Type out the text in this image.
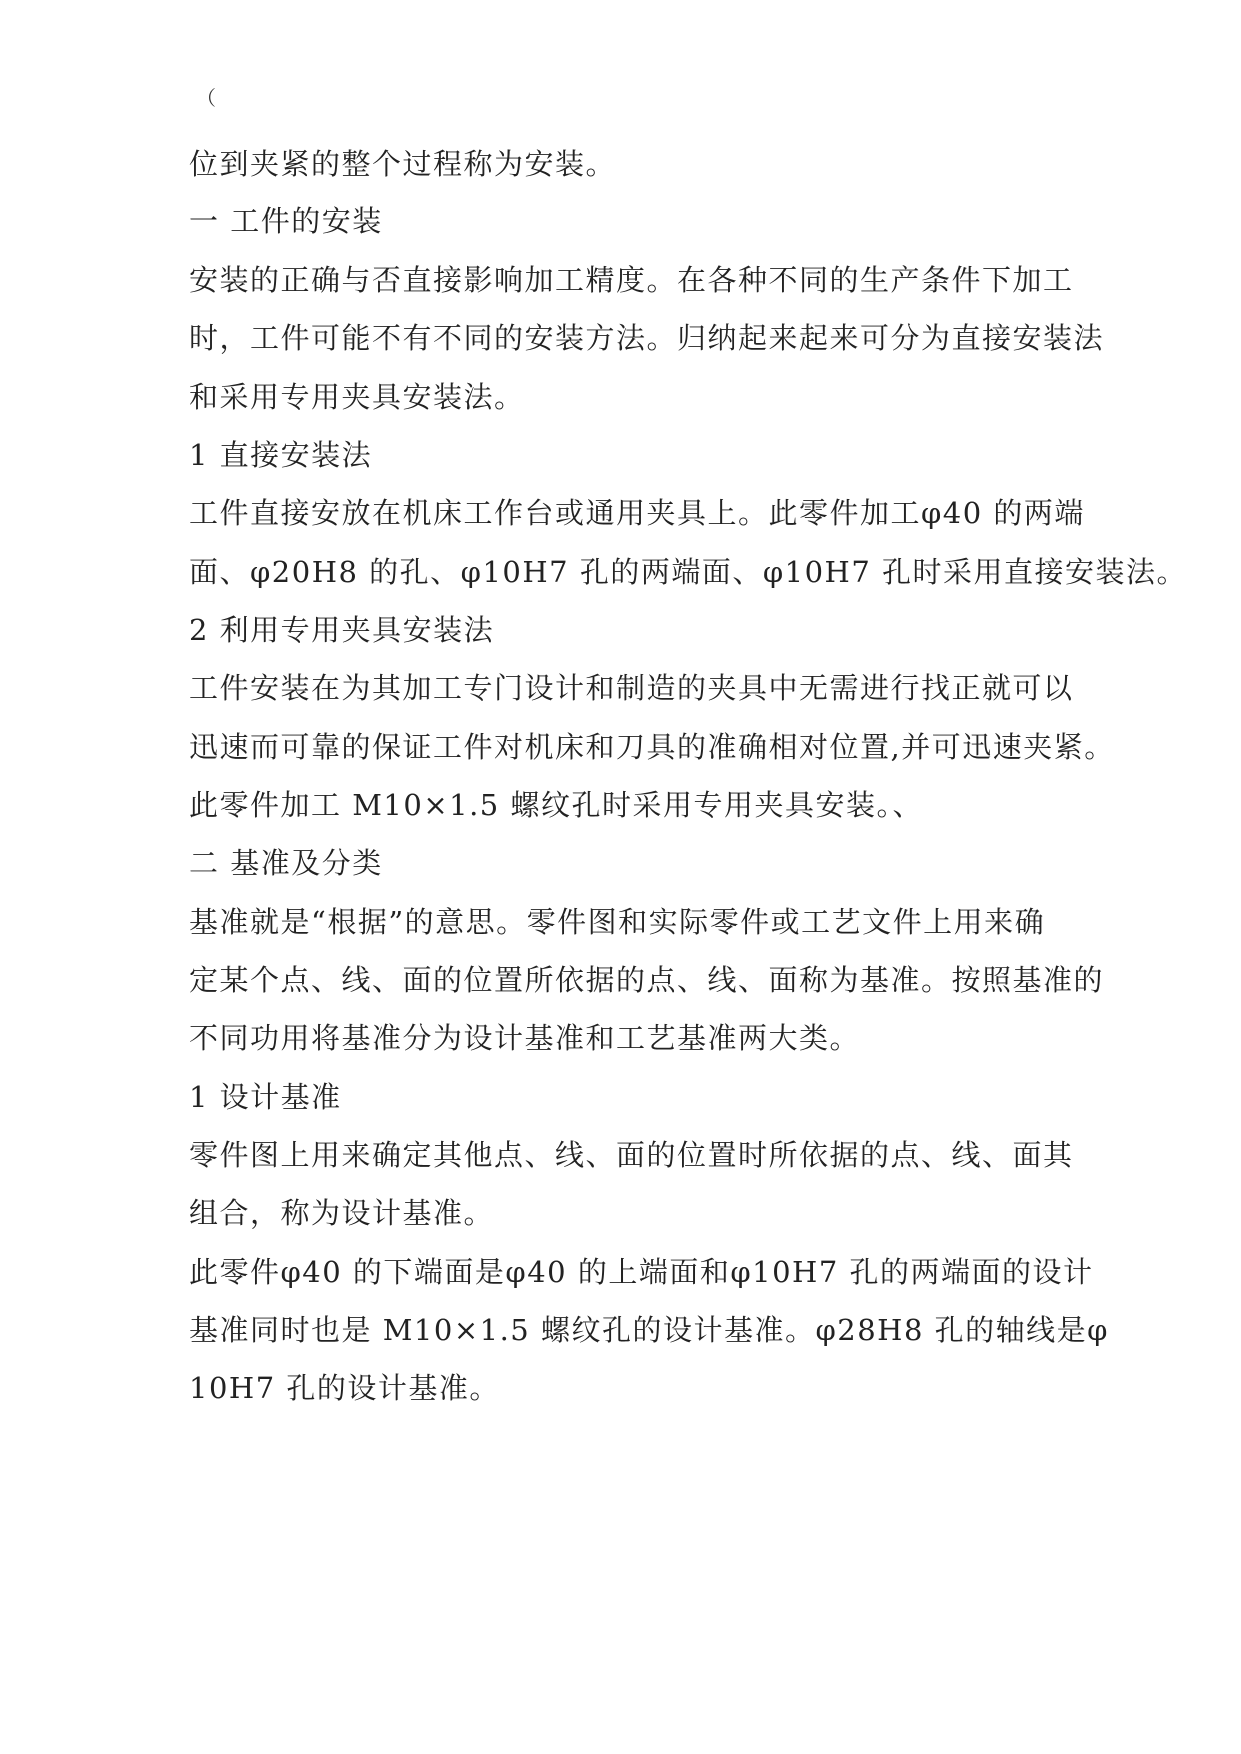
（
位到夹紧的整个过程称为安装。
一 工件的安装
安装的正确与否直接影响加工精度。在各种不同的生产条件下加工
时，工件可能不有不同的安装方法。归纳起来起来可分为直接安装法
和采用专用夹具安装法。
1 直接安装法
工件直接安放在机床工作台或通用夹具上。此零件加工φ40 的两端
面、φ20H8 的孔、φ10H7 孔的两端面、φ10H7 孔时采用直接安装法。
2 利用专用夹具安装法
工件安装在为其加工专门设计和制造的夹具中无需进行找正就可以
迅速而可靠的保证工件对机床和刀具的准确相对位置,并可迅速夹紧。
此零件加工 M10×1.5 螺纹孔时采用专用夹具安装。、
二 基准及分类
基准就是“根据”的意思。零件图和实际零件或工艺文件上用来确
定某个点、线、面的位置所依据的点、线、面称为基准。按照基准的
不同功用将基准分为设计基准和工艺基准两大类。
1 设计基准
零件图上用来确定其他点、线、面的位置时所依据的点、线、面其
组合，称为设计基准。
此零件φ40 的下端面是φ40 的上端面和φ10H7 孔的两端面的设计
基准同时也是 M10×1.5 螺纹孔的设计基准。φ28H8 孔的轴线是φ
10H7 孔的设计基准。
